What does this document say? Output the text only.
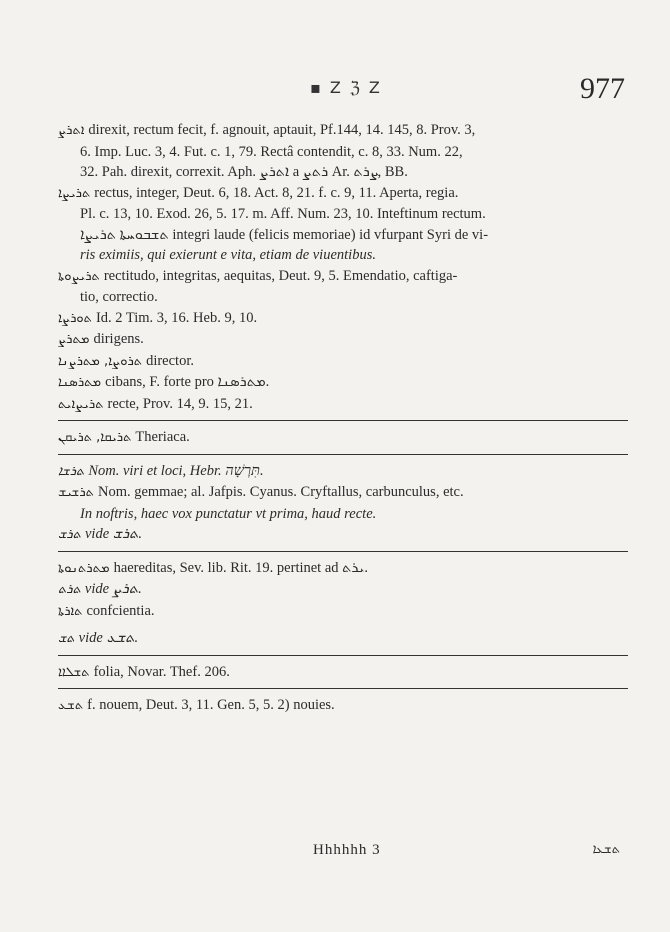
▪ Z ℨ Z	977
ܐܬܪܨ direxit, rectum fecit, f. agnouit, aptauit, Pf.144, 14. 145, 8. Prov. 3,
6. Imp. Luc. 3, 4. Fut. c. 1, 79. Rectâ contendit, c. 8, 33. Num. 22,
32. Pah. direxit, correxit. Aph. ܐܬܪܨ a ܪܬܨ Ar. ܨܪܬ, BB.
ܬܪܝܨܐ rectus, integer, Deut. 6, 18. Act. 8, 21. f. c. 9, 11. Aperta, regia.
Pl. c. 13, 10. Exod. 26, 5. 17. m. Aff. Num. 23, 10. Inteftinum rectum.
ܬܫܒܘܚܬܐ ܬܪܝܨܐ integri laude (felicis memoriae) id vfurpant Syri de vi-
ris eximiis, qui exierunt e vita, etiam de viuentibus.
ܬܪܝܨܘܬܐ rectitudo, integritas, aequitas, Deut. 9, 5. Emendatio, caftiga-
tio, correctio.
ܬܘܪܨܐ Id. 2 Tim. 3, 16. Heb. 9, 10.
ܡܬܪܨ dirigens.
ܬܪܘܨܐ, ܡܬܪܨܢܐ director.
ܡܬܪܣܢܐ cibans, F. forte pro ܡܬܪܣܢܐ.
ܬܪܝܨܐܝܬ recte, Prov. 14, 9. 15, 21.
ܬܪܝܩܐ, ܬܪܝܩܢ Theriaca.
ܬܪܫܐ Nom. viri et loci, Hebr. תִּרְשָׁה.
ܬܪܫܝܫ Nom. gemmae; al. Jafpis. Cyanus. Cryftallus, carbunculus, etc.
In noftris, haec vox punctatur vt prima, haud recte.
ܬܪܫ vide ܬܪܫ.
ܡܬܪܬܢܘܬܐ haereditas, Sev. lib. Rit. 19. pertinet ad ܝܪܬ.
ܬܪܬ vide ܬܪܨ.
ܬܐܪܬܐ confcientia.
ܬܫ vide ܬܫܥ.
ܬܫܠܐܐ folia, Novar. Thef. 206.
ܬܫܥ f. nouem, Deut. 3, 11. Gen. 5, 5. 2) nouies.
Hhhhhh 3	ܬܫܥܐ
